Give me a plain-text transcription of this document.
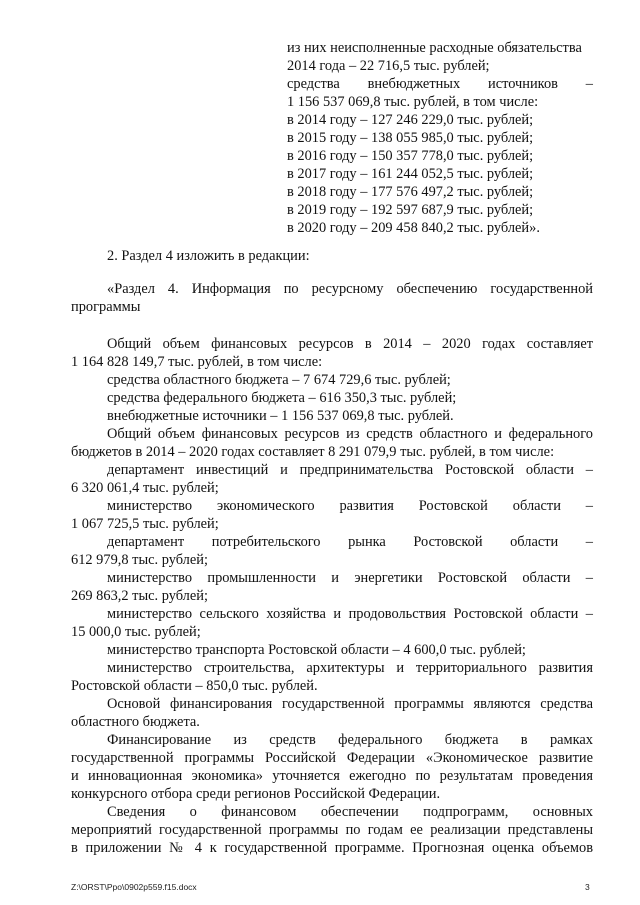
из них неисполненные расходные обязательства
2014 года – 22 716,5 тыс. рублей;
средства внебюджетных источников –
1 156 537 069,8 тыс. рублей, в том числе:
в 2014 году – 127 246 229,0 тыс. рублей;
в 2015 году – 138 055 985,0 тыс. рублей;
в 2016 году – 150 357 778,0 тыс. рублей;
в 2017 году – 161 244 052,5 тыс. рублей;
в 2018 году – 177 576 497,2 тыс. рублей;
в 2019 году – 192 597 687,9 тыс. рублей;
в 2020 году – 209 458 840,2 тыс. рублей».
2. Раздел 4 изложить в редакции:
«Раздел 4. Информация по ресурсному обеспечению государственной
программы
Общий объем финансовых ресурсов в 2014 – 2020 годах составляет
1 164 828 149,7 тыс. рублей, в том числе:
средства областного бюджета – 7 674 729,6 тыс. рублей;
средства федерального бюджета – 616 350,3 тыс. рублей;
внебюджетные источники – 1 156 537 069,8 тыс. рублей.
Общий объем финансовых ресурсов из средств областного и федерального
бюджетов в 2014 – 2020 годах составляет 8 291 079,9 тыс. рублей, в том числе:
департамент инвестиций и предпринимательства Ростовской области –
6 320 061,4 тыс. рублей;
министерство экономического развития Ростовской области –
1 067 725,5 тыс. рублей;
департамент потребительского рынка Ростовской области –
612 979,8 тыс. рублей;
министерство промышленности и энергетики Ростовской области –
269 863,2 тыс. рублей;
министерство сельского хозяйства и продовольствия Ростовской области –
15 000,0 тыс. рублей;
министерство транспорта Ростовской области – 4 600,0 тыс. рублей;
министерство строительства, архитектуры и территориального развития
Ростовской области – 850,0 тыс. рублей.
Основой финансирования государственной программы являются средства
областного бюджета.
Финансирование из средств федерального бюджета в рамках
государственной программы Российской Федерации «Экономическое развитие
и инновационная экономика» уточняется ежегодно по результатам проведения
конкурсного отбора среди регионов Российской Федерации.
Сведения о финансовом обеспечении подпрограмм, основных
мероприятий государственной программы по годам ее реализации представлены
в приложении № 4 к государственной программе. Прогнозная оценка объемов
Z:\ORST\Ppo\0902p559.f15.docx	3
